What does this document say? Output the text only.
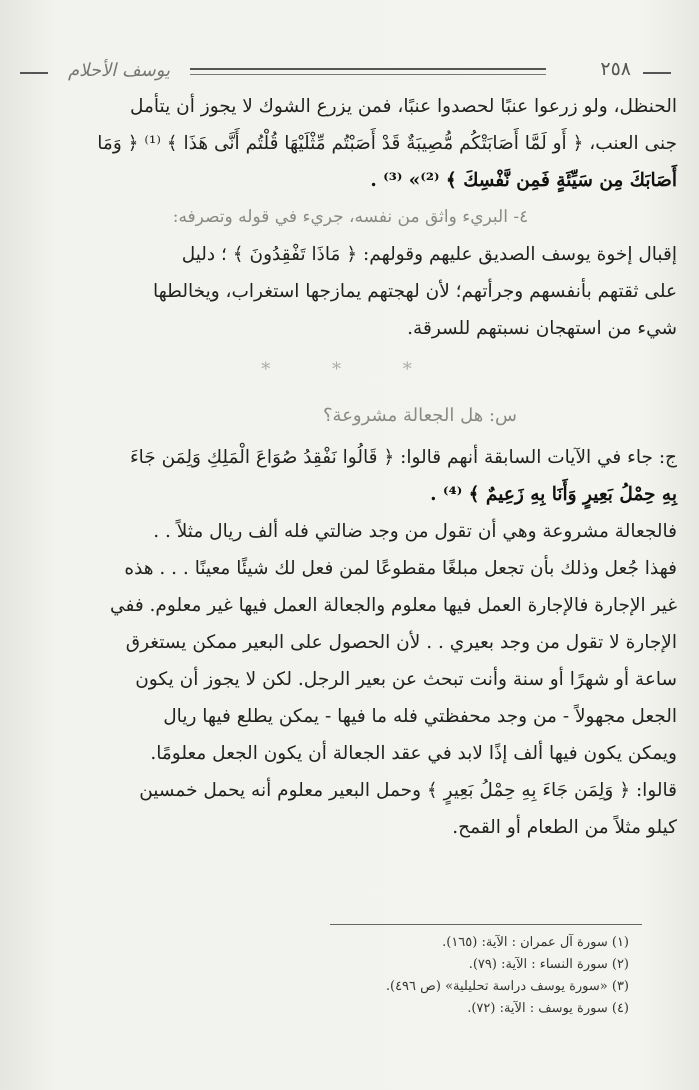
يوسف الأحلام	٢٥٨

الحنظل، ولو زرعوا عنبًا لحصدوا عنبًا، فمن يزرع الشوك لا يجوز أن يتأمل

جنى العنب، ﴿ أَو لَمَّا أَصَابَتْكُم مُّصِيبَةٌ قَدْ أَصَبْتُم مِّثْلَيْهَا قُلْتُم أَنَّى هَذَا ﴾ ⁽¹⁾ ﴿ وَمَا

أَصَابَكَ مِن سَيِّئَةٍ فَمِن نَّفْسِكَ ﴾ ⁽²⁾» ⁽³⁾ .

٤- البريء واثق من نفسه، جريء في قوله وتصرفه:

إقبال إخوة يوسف الصديق عليهم وقولهم: ﴿ مَاذَا تَفْقِدُونَ ﴾ ؛ دليل

على ثقتهم بأنفسهم وجرأتهم؛ لأن لهجتهم يمازجها استغراب، ويخالطها

شيء من استهجان نسبتهم للسرقة.

* * *
س: هل الجعالة مشروعة؟

ج: جاء في الآيات السابقة أنهم قالوا: ﴿ قَالُوا نَفْقِدُ صُوَاعَ الْمَلِكِ وَلِمَن جَاءَ

بِهِ حِمْلُ بَعِيرٍ وَأَنَا بِهِ زَعِيمٌ ﴾ ⁽⁴⁾ .

فالجعالة مشروعة وهي أن تقول من وجد ضالتي فله ألف ريال مثلاً . .

فهذا جُعل وذلك بأن تجعل مبلغًا مقطوعًا لمن فعل لك شيئًا معينًا . . . هذه

غير الإجارة فالإجارة العمل فيها معلوم والجعالة العمل فيها غير معلوم. ففي

الإجارة لا تقول من وجد بعيري . . لأن الحصول على البعير ممكن يستغرق

ساعة أو شهرًا أو سنة وأنت تبحث عن بعير الرجل. لكن لا يجوز أن يكون

الجعل مجهولاً - من وجد محفظتي فله ما فيها - يمكن يطلع فيها ريال

ويمكن يكون فيها ألف إذًا لابد في عقد الجعالة أن يكون الجعل معلومًا.

قالوا: ﴿ وَلِمَن جَاءَ بِهِ حِمْلُ بَعِيرٍ ﴾ وحمل البعير معلوم أنه يحمل خمسين

كيلو مثلاً من الطعام أو القمح.

(١) سورة آل عمران : الآية: (١٦٥).
(٢) سورة النساء : الآية: (٧٩).
(٣) «سورة يوسف دراسة تحليلية» (ص ٤٩٦).
(٤) سورة يوسف : الآية: (٧٢).
